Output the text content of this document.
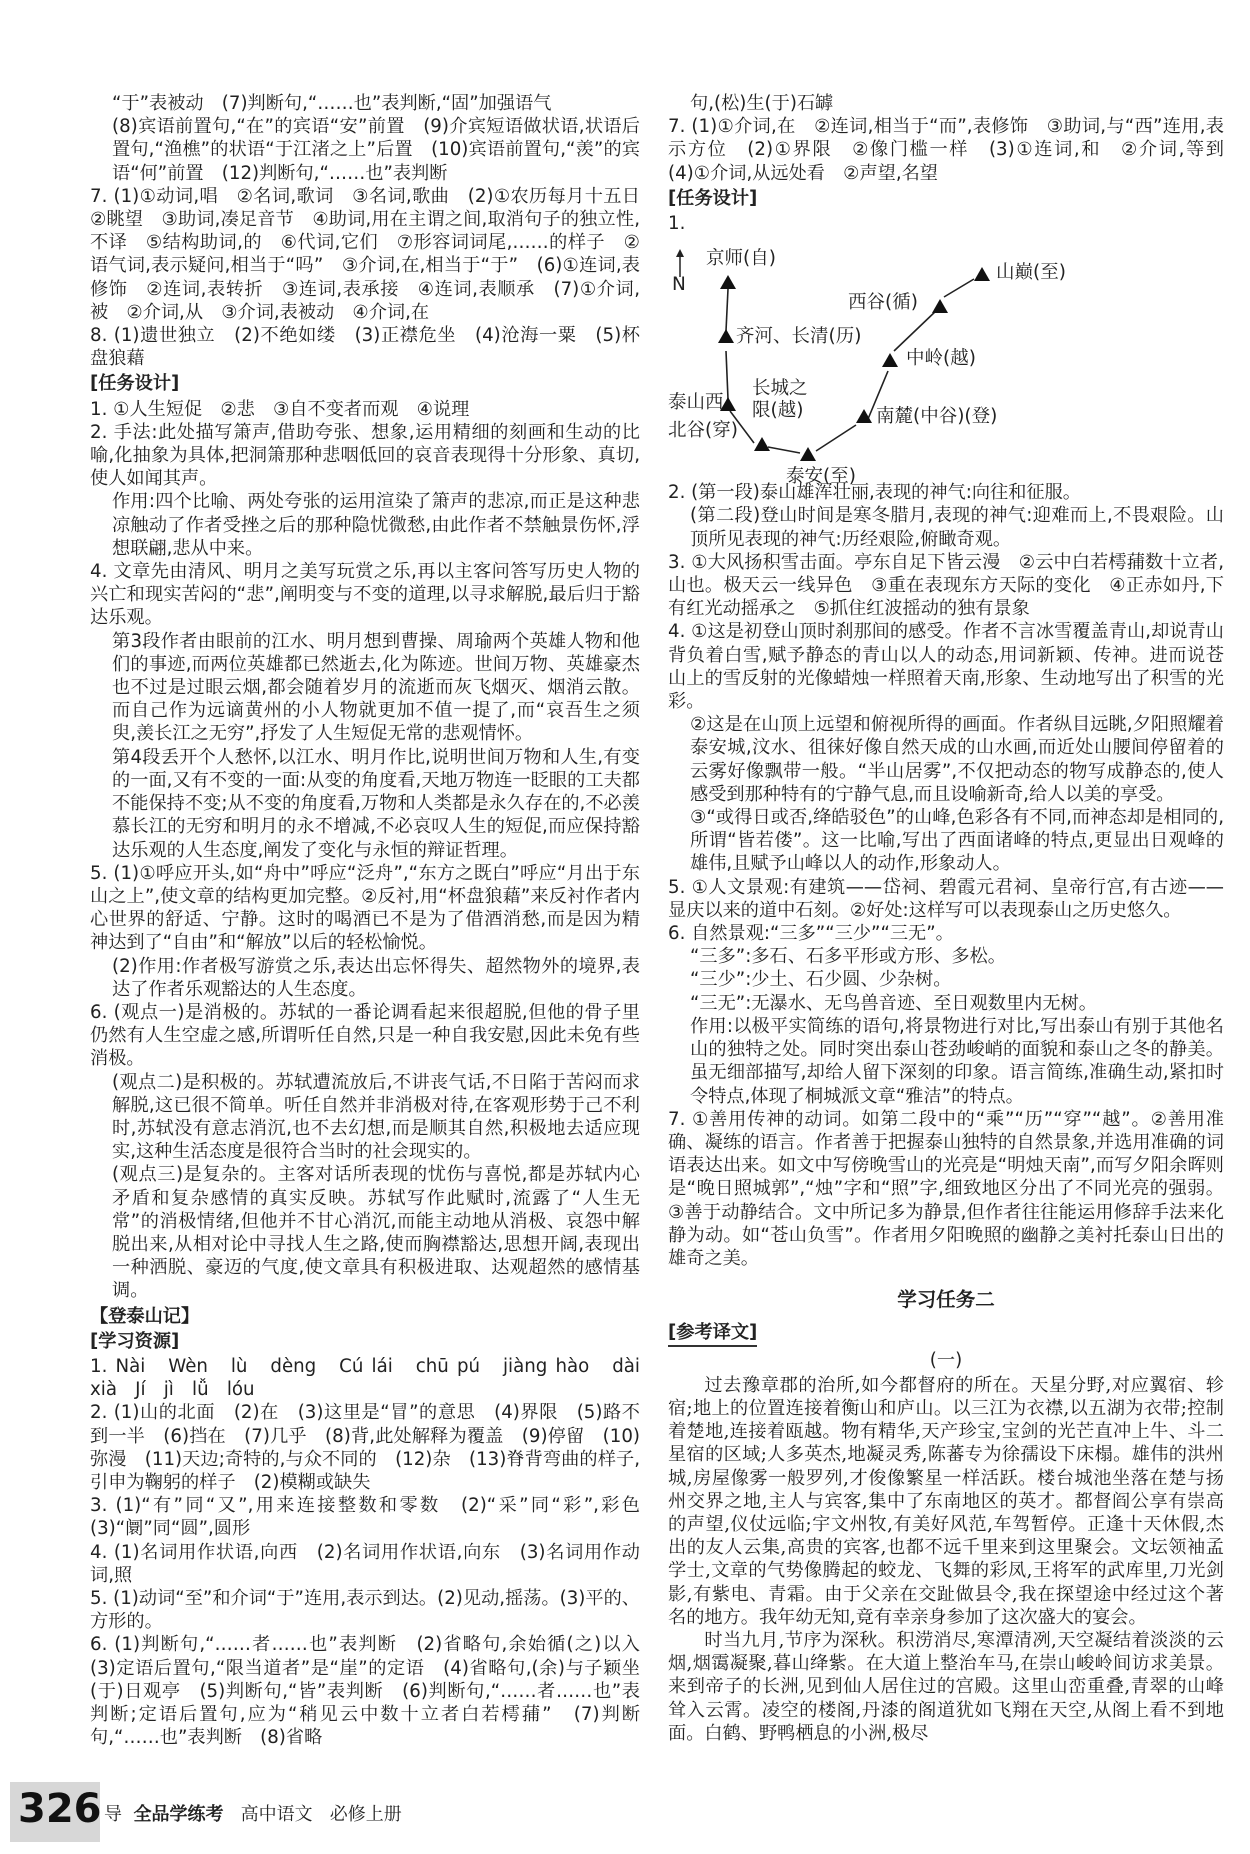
“于”表被动　(7)判断句,“……也”表判断,“固”加强语气

(8)宾语前置句,“在”的宾语“安”前置　(9)介宾短语做状语,状语后置句,“渔樵”的状语“于江渚之上”后置　(10)宾语前置句,“羡”的宾语“何”前置　(12)判断句,“……也”表判断

7. (1)①动词,唱　②名词,歌词　③名词,歌曲　(2)①农历每月十五日　②眺望　③助词,凑足音节　④助词,用在主谓之间,取消句子的独立性,不译　⑤结构助词,的　⑥代词,它们　⑦形容词词尾,……的样子　②语气词,表示疑问,相当于“吗”　③介词,在,相当于“于”　(6)①连词,表修饰　②连词,表转折　③连词,表承接　④连词,表顺承　(7)①介词,被　②介词,从　③介词,表被动　④介词,在

8. (1)遗世独立　(2)不绝如缕　(3)正襟危坐　(4)沧海一粟　(5)杯盘狼藉

[任务设计]

1. ①人生短促　②悲　③自不变者而观　④说理

2. 手法:此处描写箫声,借助夸张、想象,运用精细的刻画和生动的比喻,化抽象为具体,把洞箫那种悲咽低回的哀音表现得十分形象、真切,使人如闻其声。

作用:四个比喻、两处夸张的运用渲染了箫声的悲凉,而正是这种悲凉触动了作者受挫之后的那种隐忧微愁,由此作者不禁触景伤怀,浮想联翩,悲从中来。

4. 文章先由清风、明月之美写玩赏之乐,再以主客问答写历史人物的兴亡和现实苦闷的“悲”,阐明变与不变的道理,以寻求解脱,最后归于豁达乐观。

第3段作者由眼前的江水、明月想到曹操、周瑜两个英雄人物和他们的事迹,而两位英雄都已然逝去,化为陈迹。世间万物、英雄豪杰也不过是过眼云烟,都会随着岁月的流逝而灰飞烟灭、烟消云散。而自己作为远谪黄州的小人物就更加不值一提了,而“哀吾生之须臾,羡长江之无穷”,抒发了人生短促无常的悲观情怀。

第4段丢开个人愁怀,以江水、明月作比,说明世间万物和人生,有变的一面,又有不变的一面:从变的角度看,天地万物连一眨眼的工夫都不能保持不变;从不变的角度看,万物和人类都是永久存在的,不必羡慕长江的无穷和明月的永不增减,不必哀叹人生的短促,而应保持豁达乐观的人生态度,阐发了变化与永恒的辩证哲理。

5. (1)①呼应开头,如“舟中”呼应“泛舟”,“东方之既白”呼应“月出于东山之上”,使文章的结构更加完整。②反衬,用“杯盘狼藉”来反衬作者内心世界的舒适、宁静。这时的喝酒已不是为了借酒消愁,而是因为精神达到了“自由”和“解放”以后的轻松愉悦。

(2)作用:作者极写游赏之乐,表达出忘怀得失、超然物外的境界,表达了作者乐观豁达的人生态度。

6. (观点一)是消极的。苏轼的一番论调看起来很超脱,但他的骨子里仍然有人生空虚之感,所谓听任自然,只是一种自我安慰,因此未免有些消极。

(观点二)是积极的。苏轼遭流放后,不讲丧气话,不日陷于苦闷而求解脱,这已很不简单。听任自然并非消极对待,在客观形势于己不利时,苏轼没有意志消沉,也不去幻想,而是顺其自然,积极地去适应现实,这种生活态度是很符合当时的社会现实的。

(观点三)是复杂的。主客对话所表现的忧伤与喜悦,都是苏轼内心矛盾和复杂感情的真实反映。苏轼写作此赋时,流露了“人生无常”的消极情绪,但他并不甘心消沉,而能主动地从消极、哀怨中解脱出来,从相对论中寻找人生之路,使而胸襟豁达,思想开阔,表现出一种洒脱、豪迈的气度,使文章具有积极进取、达观超然的感情基调。

【登泰山记】

[学习资源]

1. Nài　Wèn　lù　dèng　Cú lái　chū pú　jiàng hào　dài　xià　Jí　jì　lǚ　lóu

2. (1)山的北面　(2)在　(3)这里是“冒”的意思　(4)界限　(5)路不到一半　(6)挡在　(7)几乎　(8)背,此处解释为覆盖　(9)停留　(10)弥漫　(11)天边;奇特的,与众不同的　(12)杂　(13)脊背弯曲的样子,引申为鞠躬的样子　(2)模糊或缺失

3. (1)“有”同“又”,用来连接整数和零数　(2)“采”同“彩”,彩色　(3)“阛”同“圆”,圆形

4. (1)名词用作状语,向西　(2)名词用作状语,向东　(3)名词用作动词,照

5. (1)动词“至”和介词“于”连用,表示到达。(2)见动,摇荡。(3)平的、方形的。

6. (1)判断句,“……者……也”表判断　(2)省略句,余始循(之)以入　(3)定语后置句,“限当道者”是“崖”的定语　(4)省略句,(余)与子颖坐(于)日观亭　(5)判断句,“皆”表判断　(6)判断句,“……者……也”表判断;定语后置句,应为“稍见云中数十立者白若樗蒱”　(7)判断句,“……也”表判断　(8)省略

句,(松)生(于)石罅

7. (1)①介词,在　②连词,相当于“而”,表修饰　③助词,与“西”连用,表示方位　(2)①界限　②像门槛一样　(3)①连词,和　②介词,等到　(4)①介词,从远处看　②声望,名望

[任务设计]

1.

N
京师(自)
齐河、长清(历)
泰山西
北谷(穿)
长城之
限(越)
泰安(至)
南麓(中谷)(登)
中岭(越)
西谷(循)
山巅(至)

2. (第一段)泰山雄浑壮丽,表现的神气:向往和征服。

(第二段)登山时间是寒冬腊月,表现的神气:迎难而上,不畏艰险。山顶所见表现的神气:历经艰险,俯瞰奇观。

3. ①大风扬积雪击面。亭东自足下皆云漫　②云中白若樗蒱数十立者,山也。极天云一线异色　③重在表现东方天际的变化　④正赤如丹,下有红光动摇承之　⑤抓住红波摇动的独有景象

4. ①这是初登山顶时刹那间的感受。作者不言冰雪覆盖青山,却说青山背负着白雪,赋予静态的青山以人的动态,用词新颖、传神。进而说苍山上的雪反射的光像蜡烛一样照着天南,形象、生动地写出了积雪的光彩。

②这是在山顶上远望和俯视所得的画面。作者纵目远眺,夕阳照耀着泰安城,汶水、徂徕好像自然天成的山水画,而近处山腰间停留着的云雾好像飘带一般。“半山居雾”,不仅把动态的物写成静态的,使人感受到那种特有的宁静气息,而且设喻新奇,给人以美的享受。

③“或得日或否,绛皓驳色”的山峰,色彩各有不同,而神态却是相同的,所谓“皆若偻”。这一比喻,写出了西面诸峰的特点,更显出日观峰的雄伟,且赋予山峰以人的动作,形象动人。

5. ①人文景观:有建筑——岱祠、碧霞元君祠、皇帝行宫,有古迹——显庆以来的道中石刻。②好处:这样写可以表现泰山之历史悠久。

6. 自然景观:“三多”“三少”“三无”。

“三多”:多石、石多平形或方形、多松。

“三少”:少土、石少圆、少杂树。

“三无”:无瀑水、无鸟兽音迹、至日观数里内无树。

作用:以极平实简练的语句,将景物进行对比,写出泰山有别于其他名山的独特之处。同时突出泰山苍劲峻峭的面貌和泰山之冬的静美。虽无细部描写,却给人留下深刻的印象。语言简练,准确生动,紧扣时令特点,体现了桐城派文章“雅洁”的特点。

7. ①善用传神的动词。如第二段中的“乘”“历”“穿”“越”。②善用准确、凝练的语言。作者善于把握泰山独特的自然景象,并选用准确的词语表达出来。如文中写傍晚雪山的光亮是“明烛天南”,而写夕阳余晖则是“晚日照城郭”,“烛”字和“照”字,细致地区分出了不同光亮的强弱。③善于动静结合。文中所记多为静景,但作者往往能运用修辞手法来化静为动。如“苍山负雪”。作者用夕阳晚照的幽静之美衬托泰山日出的雄奇之美。

学习任务二
[参考译文]
(一)

过去豫章郡的治所,如今都督府的所在。天星分野,对应翼宿、轸宿;地上的位置连接着衡山和庐山。以三江为衣襟,以五湖为衣带;控制着楚地,连接着瓯越。物有精华,天产珍宝,宝剑的光芒直冲上牛、斗二星宿的区域;人多英杰,地凝灵秀,陈蕃专为徐孺设下床榻。雄伟的洪州城,房屋像雾一般罗列,才俊像繁星一样活跃。楼台城池坐落在楚与扬州交界之地,主人与宾客,集中了东南地区的英才。都督阎公享有崇高的声望,仪仗远临;宇文州牧,有美好风范,车驾暂停。正逢十天休假,杰出的友人云集,高贵的宾客,也都不远千里来到这里聚会。文坛领袖孟学士,文章的气势像腾起的蛟龙、飞舞的彩凤,王将军的武库里,刀光剑影,有紫电、青霜。由于父亲在交趾做县令,我在探望途中经过这个著名的地方。我年幼无知,竟有幸亲身参加了这次盛大的宴会。

时当九月,节序为深秋。积涝消尽,寒潭清冽,天空凝结着淡淡的云烟,烟霭凝聚,暮山绛紫。在大道上整治车马,在崇山峻岭间访求美景。来到帝子的长洲,见到仙人居住过的宫殿。这里山峦重叠,青翠的山峰耸入云霄。凌空的楼阁,丹漆的阁道犹如飞翔在天空,从阁上看不到地面。白鹤、野鸭栖息的小洲,极尽

326 导 全品学练考 高中语文 必修上册
